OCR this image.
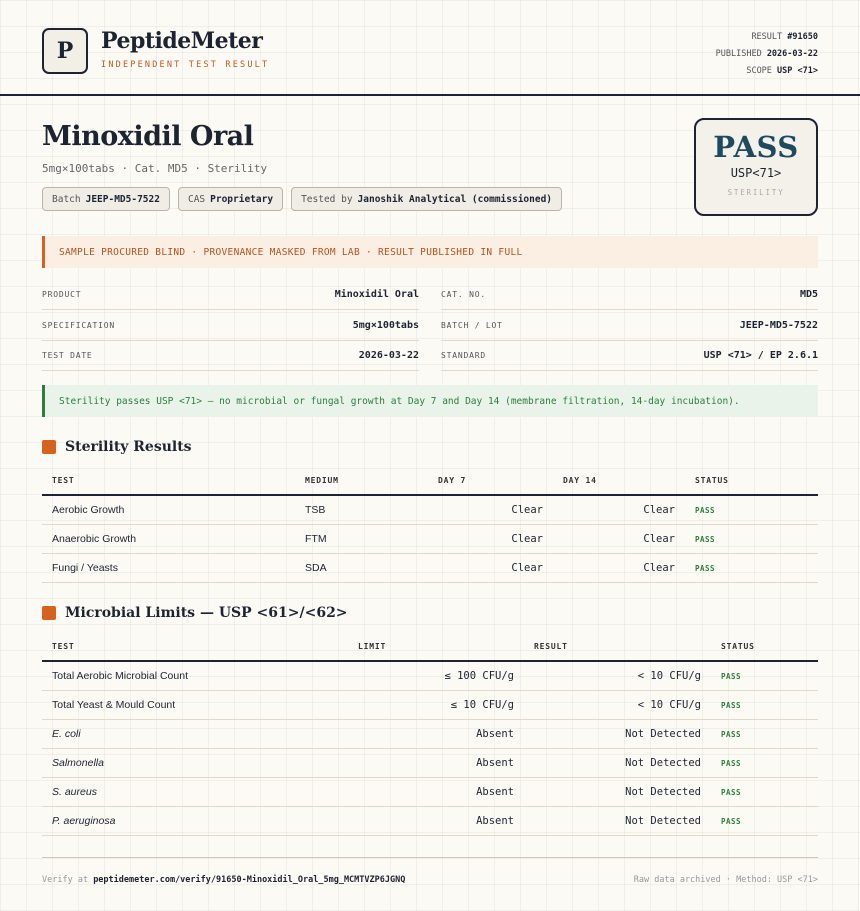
P	PeptideMeter
INDEPENDENT TEST RESULT
RESULT #91650
PUBLISHED 2026-03-22
SCOPE USP <71>
Minoxidil Oral
5mg×100tabs · Cat. MD5 · Sterility
Batch JEEP-MD5-7522	CAS Proprietary	Tested by Janoshik Analytical (commissioned)
PASS
USP<71>
STERILITY
SAMPLE PROCURED BLIND · PROVENANCE MASKED FROM LAB · RESULT PUBLISHED IN FULL
PRODUCT	Minoxidil Oral
SPECIFICATION	5mg×100tabs
TEST DATE	2026-03-22
CAT. NO.	MD5
BATCH / LOT	JEEP-MD5-7522
STANDARD	USP <71> / EP 2.6.1
Sterility passes USP <71> — no microbial or fungal growth at Day 7 and Day 14 (membrane filtration, 14-day incubation).
Sterility Results
TEST	MEDIUM	DAY 7	DAY 14	STATUS
Aerobic Growth	TSB	Clear	Clear	PASS
Anaerobic Growth	FTM	Clear	Clear	PASS
Fungi / Yeasts	SDA	Clear	Clear	PASS
Microbial Limits — USP <61>/<62>
TEST	LIMIT	RESULT	STATUS
Total Aerobic Microbial Count	≤ 100 CFU/g	< 10 CFU/g	PASS
Total Yeast & Mould Count	≤ 10 CFU/g	< 10 CFU/g	PASS
E. coli	Absent	Not Detected	PASS
Salmonella	Absent	Not Detected	PASS
S. aureus	Absent	Not Detected	PASS
P. aeruginosa	Absent	Not Detected	PASS
Verify at peptidemeter.com/verify/91650-Minoxidil_Oral_5mg_MCMTVZP6JGNQ	Raw data archived · Method: USP <71>
